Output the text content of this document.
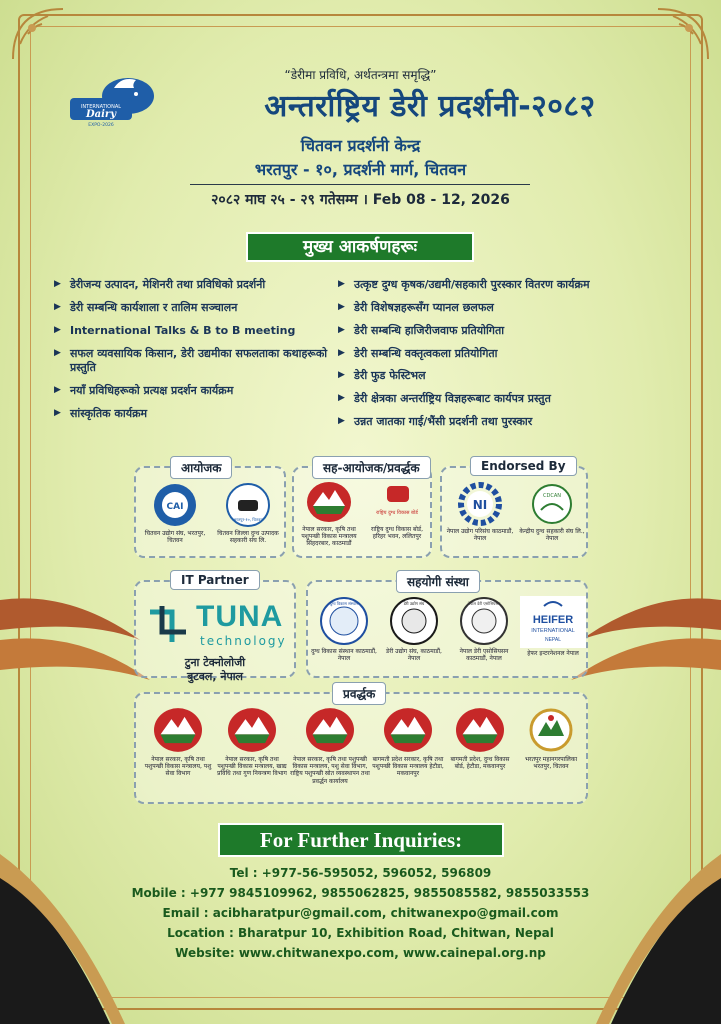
“डेरीमा प्रविधि, अर्थतन्त्रमा समृद्धि”
INTERNATIONAL
Dairy
EXPO-2026
अन्तर्राष्ट्रिय डेरी प्रदर्शनी-२०८२
चितवन प्रदर्शनी केन्द्र
भरतपुर - १०, प्रदर्शनी मार्ग, चितवन
२०८२ माघ २५ - २९ गतेसम्म । Feb 08 - 12, 2026
मुख्य आकर्षणहरूः
▶ डेरीजन्य उत्पादन, मेशिनरी तथा प्रविधिको प्रदर्शनी
▶ डेरी सम्बन्धि कार्यशाला र तालिम सञ्चालन
▶ International Talks & B to B meeting
▶ सफल व्यवसायिक किसान, डेरी उद्यमीका सफलताका कथाहरूको प्रस्तुति
▶ नयाँ प्रविधिहरूको प्रत्यक्ष प्रदर्शन कार्यक्रम
▶ सांस्कृतिक कार्यक्रम
▶ उत्कृष्ट दुग्ध कृषक/उद्यमी/सहकारी पुरस्कार वितरण कार्यक्रम
▶ डेरी विशेषज्ञहरूसँग प्यानल छलफल
▶ डेरी सम्बन्धि हाजिरीजवाफ प्रतियोगिता
▶ डेरी सम्बन्धि वक्तृत्वकला प्रतियोगिता
▶ डेरी फुड फेस्टिभल
▶ डेरी क्षेत्रका अन्तर्राष्ट्रिय विज्ञहरूबाट कार्यपत्र प्रस्तुत
▶ उन्नत जातका गाई/भैंसी प्रदर्शनी तथा पुरस्कार
आयोजक
CAI
चितवन उद्योग संघ, भरतपुर, चितवन
भरतपुर-१०, चितवन
चितवन जिल्ला दुग्ध उत्पादक सहकारी संघ लि.
सह-आयोजक/प्रवर्द्धक
नेपाल सरकार, कृषि तथा पशुपन्छी विकास मन्त्रालय सिंहदरबार, काठमाडौं
राष्ट्रिय दुग्ध विकास बोर्ड
राष्ट्रिय दुग्ध विकास बोर्ड, हरिहर भवन, ललितपुर
Endorsed By
NI
नेपाल उद्योग परिसंघ काठमाडौं, नेपाल
CDCAN
केन्द्रीय दुग्ध सहकारी संघ लि., नेपाल
IT Partner
TUNA
technology
टुना टेक्नोलोजी
बुटवल, नेपाल
सहयोगी संस्था
दुग्ध विकास संस्थान
दुग्ध विकास संस्थान काठमाडौं, नेपाल
डेरी उद्योग संघ
डेरी उद्योग संघ, काठमाडौं, नेपाल
नेपाल डेरी एसोसियसन
नेपाल डेरी एसोसियसन काठमाडौं, नेपाल
HEIFER
INTERNATIONAL
NEPAL
हेफर इन्टरनेशनल नेपाल
प्रवर्द्धक
नेपाल सरकार, कृषि तथा पशुपन्छी विकास मन्त्रालय, पशु सेवा विभाग
नेपाल सरकार, कृषि तथा पशुपन्छी विकास मन्त्रालय, खाद्य प्रविधि तथा गुण नियन्त्रण विभाग
नेपाल सरकार, कृषि तथा पशुपन्छी विकास मन्त्रालय, पशु सेवा विभाग, राष्ट्रिय पशुपन्छी स्रोत व्यवस्थापन तथा प्रवर्द्धन कार्यालय
बागमती प्रदेश सरकार, कृषि तथा पशुपन्छी विकास मन्त्रालय हेटौडा, मकवानपुर
बागमती प्रदेश, दुग्ध विकास बोर्ड, हेटौडा, मकवानपुर
भरतपुर महानगरपालिका भरतपुर, चितवन
For Further Inquiries:
Tel : +977-56-595052, 596052, 596809
Mobile : +977 9845109962, 9855062825, 9855085582, 9855033553
Email : acibharatpur@gmail.com, chitwanexpo@gmail.com
Location : Bharatpur 10, Exhibition Road, Chitwan, Nepal
Website: www.chitwanexpo.com, www.cainepal.org.np
